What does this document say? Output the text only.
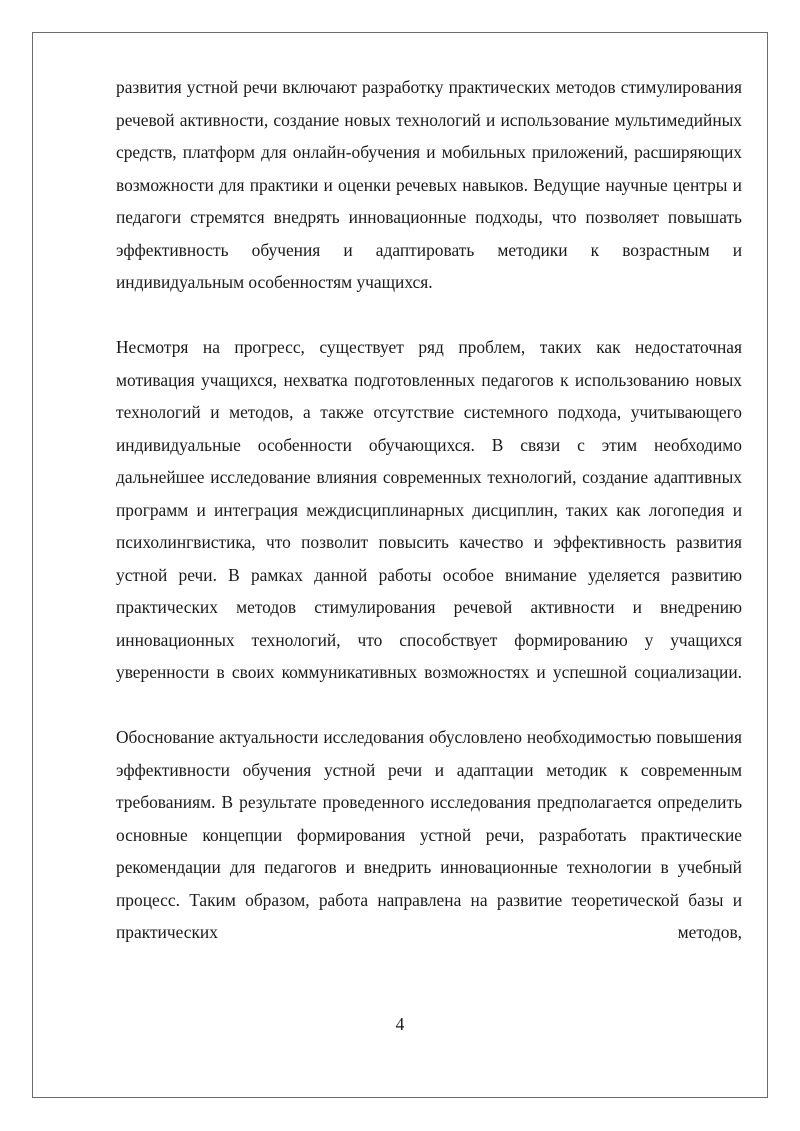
развития устной речи включают разработку практических методов стимулирования речевой активности, создание новых технологий и использование мультимедийных средств, платформ для онлайн-обучения и мобильных приложений, расширяющих возможности для практики и оценки речевых навыков. Ведущие научные центры и педагоги стремятся внедрять инновационные подходы, что позволяет повышать эффективность обучения и адаптировать методики к возрастным и индивидуальным особенностям учащихся.

Несмотря на прогресс, существует ряд проблем, таких как недостаточная мотивация учащихся, нехватка подготовленных педагогов к использованию новых технологий и методов, а также отсутствие системного подхода, учитывающего индивидуальные особенности обучающихся. В связи с этим необходимо дальнейшее исследование влияния современных технологий, создание адаптивных программ и интеграция междисциплинарных дисциплин, таких как логопедия и психолингвистика, что позволит повысить качество и эффективность развития устной речи. В рамках данной работы особое внимание уделяется развитию практических методов стимулирования речевой активности и внедрению инновационных технологий, что способствует формированию у учащихся уверенности в своих коммуникативных возможностях и успешной социализации.

Обоснование актуальности исследования обусловлено необходимостью повышения эффективности обучения устной речи и адаптации методик к современным требованиям. В результате проведенного исследования предполагается определить основные концепции формирования устной речи, разработать практические рекомендации для педагогов и внедрить инновационные технологии в учебный процесс. Таким образом, работа направлена на развитие теоретической базы и практических методов,

4
